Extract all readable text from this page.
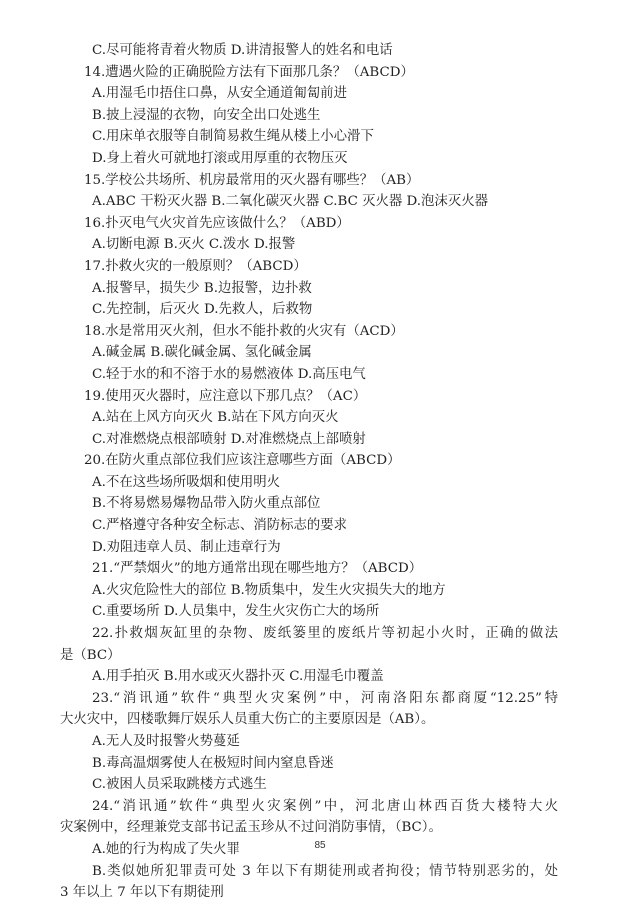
C.尽可能将青着火物质 D.讲清报警人的姓名和电话
14.遭遇火险的正确脱险方法有下面那几条？（ABCD）
A.用湿毛巾捂住口鼻，从安全通道匍匐前进
B.披上浸湿的衣物，向安全出口处逃生
C.用床单衣服等自制简易救生绳从楼上小心滑下
D.身上着火可就地打滚或用厚重的衣物压灭
15.学校公共场所、机房最常用的灭火器有哪些？（AB）
A.ABC 干粉灭火器 B.二氧化碳灭火器 C.BC 灭火器 D.泡沫灭火器
16.扑灭电气火灾首先应该做什么？（ABD）
A.切断电源 B.灭火 C.泼水 D.报警
17.扑救火灾的一般原则？（ABCD）
A.报警早，损失少 B.边报警，边扑救
C.先控制，后灭火 D.先救人，后救物
18.水是常用灭火剂，但水不能扑救的火灾有（ACD）
A.碱金属 B.碳化碱金属、氢化碱金属
C.轻于水的和不溶于水的易燃液体 D.高压电气
19.使用灭火器时，应注意以下那几点？（AC）
A.站在上风方向灭火 B.站在下风方向灭火
C.对准燃烧点根部喷射 D.对准燃烧点上部喷射
20.在防火重点部位我们应该注意哪些方面（ABCD）
A.不在这些场所吸烟和使用明火
B.不将易燃易爆物品带入防火重点部位
C.严格遵守各种安全标志、消防标志的要求
D.劝阻违章人员、制止违章行为
21.“严禁烟火”的地方通常出现在哪些地方？（ABCD）
A.火灾危险性大的部位 B.物质集中，发生火灾损失大的地方
C.重要场所 D.人员集中，发生火灾伤亡大的场所
22.扑救烟灰缸里的杂物、废纸篓里的废纸片等初起小火时，正确的做法
是（BC）
A.用手拍灭 B.用水或灭火器扑灭 C.用湿毛巾覆盖
23.“消讯通”软件“典型火灾案例”中，河南洛阳东都商厦“12.25”特
大火灾中，四楼歌舞厅娱乐人员重大伤亡的主要原因是（AB）。
A.无人及时报警火势蔓延
B.毒高温烟雾使人在极短时间内窒息昏迷
C.被困人员采取跳楼方式逃生
24.“消讯通”软件“典型火灾案例”中，河北唐山林西百货大楼特大火
灾案例中，经理兼党支部书记孟玉珍从不过问消防事情，（BC）。
A.她的行为构成了失火罪
B.类似她所犯罪责可处 3 年以下有期徒刑或者拘役；情节特别恶劣的，处
3 年以上 7 年以下有期徒刑
85
